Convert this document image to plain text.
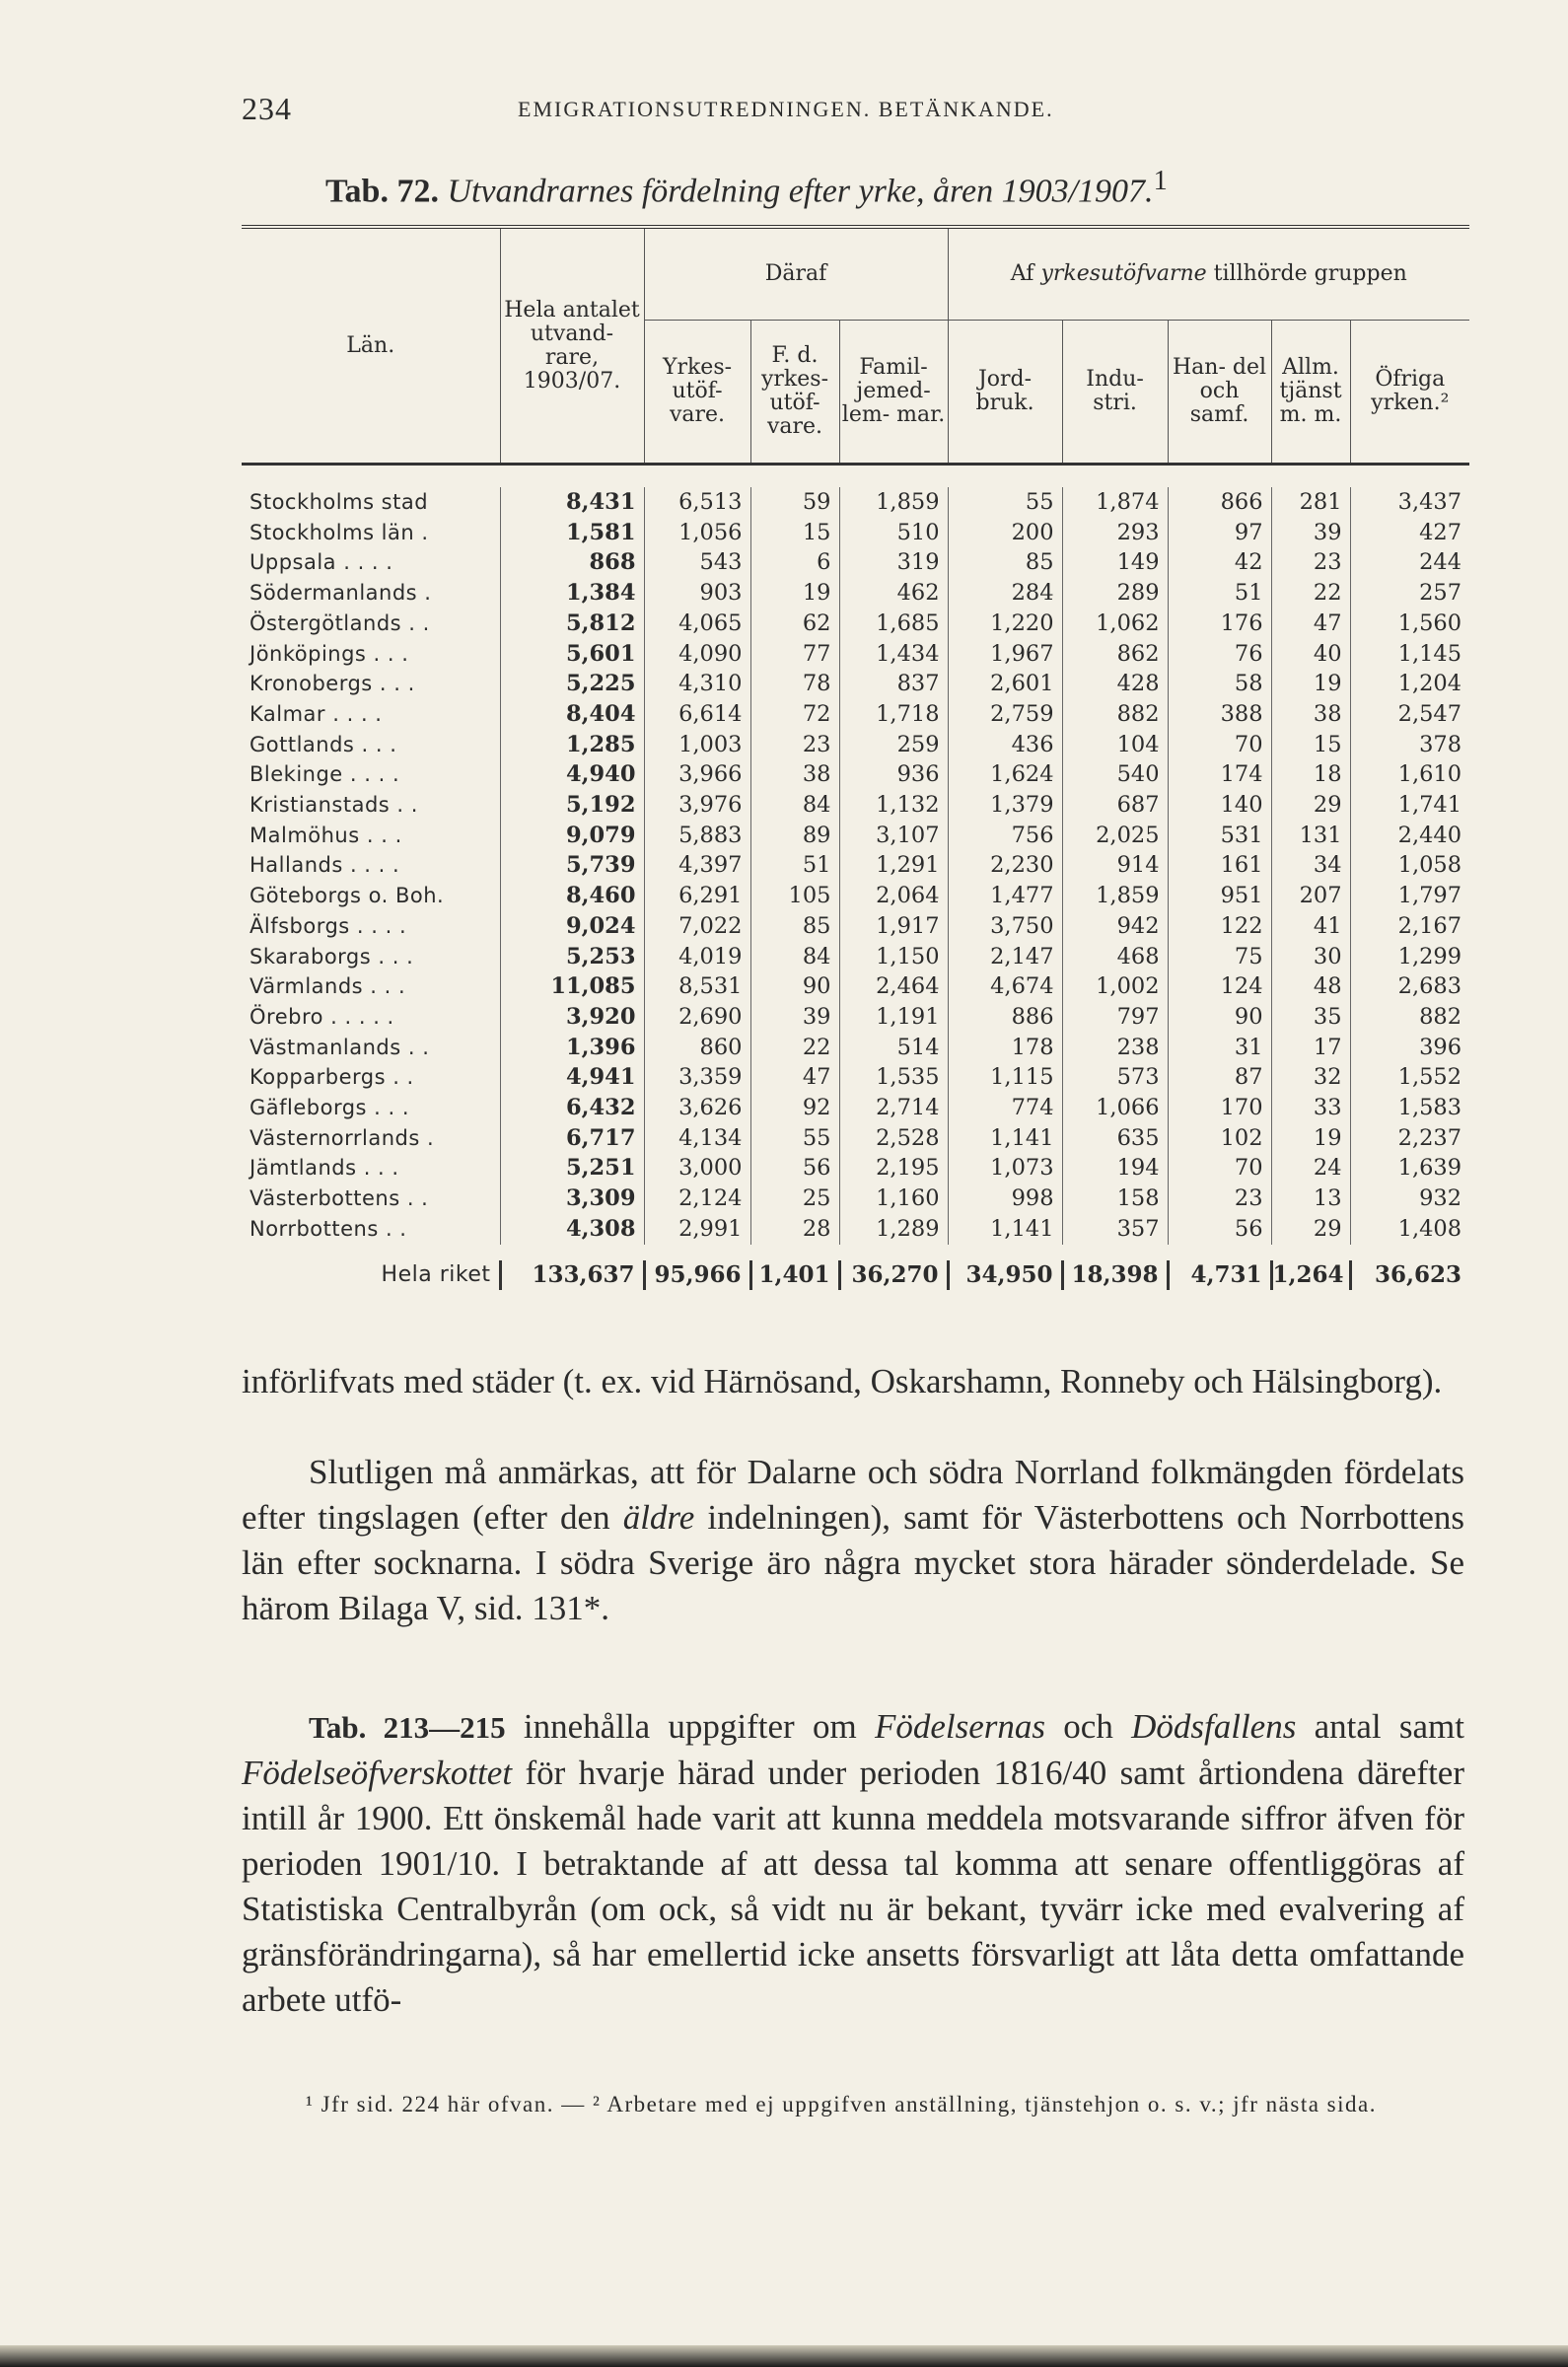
234	EMIGRATIONSUTREDNINGEN. BETÄNKANDE.
Tab. 72. Utvandrarnes fördelning efter yrke, åren 1903/1907.$^1$
Län.	Hela antalet utvand- rare, 1903/07.	Däraf			Af yrkesutöfvarne tillhörde gruppen				
		Yrkes- utöf- vare.	F. d. yrkes- utöf- vare.	Famil- jemed- lem- mar.	Jord- bruk.	Indu- stri.	Han- del och samf.	Allm. tjänst m. m.	Öfriga yrken.²

Stockholms stad	8,431	6,513	59	1,859	55	1,874	866	281	3,437
Stockholms län .	1,581	1,056	15	510	200	293	97	39	427
Uppsala . . . .	868	543	6	319	85	149	42	23	244
Södermanlands .	1,384	903	19	462	284	289	51	22	257
Östergötlands . .	5,812	4,065	62	1,685	1,220	1,062	176	47	1,560
Jönköpings . . .	5,601	4,090	77	1,434	1,967	862	76	40	1,145
Kronobergs . . .	5,225	4,310	78	837	2,601	428	58	19	1,204
Kalmar . . . .	8,404	6,614	72	1,718	2,759	882	388	38	2,547
Gottlands . . .	1,285	1,003	23	259	436	104	70	15	378
Blekinge . . . .	4,940	3,966	38	936	1,624	540	174	18	1,610
Kristianstads . .	5,192	3,976	84	1,132	1,379	687	140	29	1,741
Malmöhus . . .	9,079	5,883	89	3,107	756	2,025	531	131	2,440
Hallands . . . .	5,739	4,397	51	1,291	2,230	914	161	34	1,058
Göteborgs o. Boh.	8,460	6,291	105	2,064	1,477	1,859	951	207	1,797
Älfsborgs . . . .	9,024	7,022	85	1,917	3,750	942	122	41	2,167
Skaraborgs . . .	5,253	4,019	84	1,150	2,147	468	75	30	1,299
Värmlands . . .	11,085	8,531	90	2,464	4,674	1,002	124	48	2,683
Örebro . . . . .	3,920	2,690	39	1,191	886	797	90	35	882
Västmanlands . .	1,396	860	22	514	178	238	31	17	396
Kopparbergs . .	4,941	3,359	47	1,535	1,115	573	87	32	1,552
Gäfleborgs . . .	6,432	3,626	92	2,714	774	1,066	170	33	1,583
Västernorrlands .	6,717	4,134	55	2,528	1,141	635	102	19	2,237
Jämtlands . . .	5,251	3,000	56	2,195	1,073	194	70	24	1,639
Västerbottens . .	3,309	2,124	25	1,160	998	158	23	13	932
Norrbottens . .	4,308	2,991	28	1,289	1,141	357	56	29	1,408

Hela riket	133,637	95,966	1,401	36,270	34,950	18,398	4,731	1,264	36,623
införlifvats med städer (t. ex. vid Härnösand, Oskarshamn, Ronneby och Hälsingborg).
Slutligen må anmärkas, att för Dalarne och södra Norrland folkmängden fördelats efter tingslagen (efter den äldre indelningen), samt för Västerbottens och Norrbottens län efter socknarna. I södra Sverige äro några mycket stora härader sönderdelade. Se härom Bilaga V, sid. 131*.
Tab. 213—215 innehålla uppgifter om Födelsernas och Dödsfallens antal samt Födelseöfverskottet för hvarje härad under perioden 1816/40 samt årtiondena därefter intill år 1900. Ett önskemål hade varit att kunna meddela motsvarande siffror äfven för perioden 1901/10. I betraktande af att dessa tal komma att senare offentliggöras af Statistiska Centralbyrån (om ock, så vidt nu är bekant, tyvärr icke med evalvering af gränsförändringarna), så har emellertid icke ansetts försvarligt att låta detta omfattande arbete utfö-
¹ Jfr sid. 224 här ofvan. — ² Arbetare med ej uppgifven anställning, tjänstehjon o. s. v.; jfr nästa sida.
